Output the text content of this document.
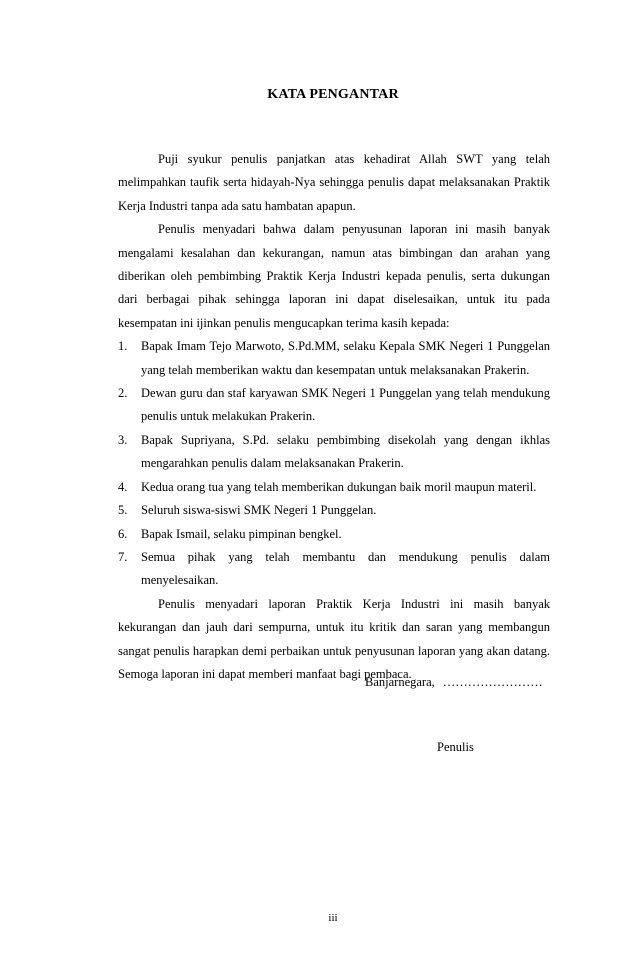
KATA PENGANTAR

Puji syukur penulis panjatkan atas kehadirat Allah SWT yang telah melimpahkan taufik serta hidayah-Nya sehingga penulis dapat melaksanakan Praktik Kerja Industri tanpa ada satu hambatan apapun.

Penulis menyadari bahwa dalam penyusunan laporan ini masih banyak mengalami kesalahan dan kekurangan, namun atas bimbingan dan arahan yang diberikan oleh pembimbing Praktik Kerja Industri kepada penulis, serta dukungan dari berbagai pihak sehingga laporan ini dapat diselesaikan, untuk itu pada kesempatan ini ijinkan penulis mengucapkan terima kasih kepada:

1. Bapak Imam Tejo Marwoto, S.Pd.MM, selaku Kepala SMK Negeri 1 Punggelan yang telah memberikan waktu dan kesempatan untuk melaksanakan Prakerin.
2. Dewan guru dan staf karyawan SMK Negeri 1 Punggelan yang telah mendukung penulis untuk melakukan Prakerin.
3. Bapak Supriyana, S.Pd. selaku pembimbing disekolah yang dengan ikhlas mengarahkan penulis dalam melaksanakan Prakerin.
4. Kedua orang tua yang telah memberikan dukungan baik moril maupun materil.
5. Seluruh siswa-siswi SMK Negeri 1 Punggelan.
6. Bapak Ismail, selaku pimpinan bengkel.
7. Semua pihak yang telah membantu dan mendukung penulis dalam menyelesaikan.

Penulis menyadari laporan Praktik Kerja Industri ini masih banyak kekurangan dan jauh dari sempurna, untuk itu kritik dan saran yang membangun sangat penulis harapkan demi perbaikan untuk penyusunan laporan yang akan datang. Semoga laporan ini dapat memberi manfaat bagi pembaca.

Banjarnegara, ……………………
Penulis
iii
